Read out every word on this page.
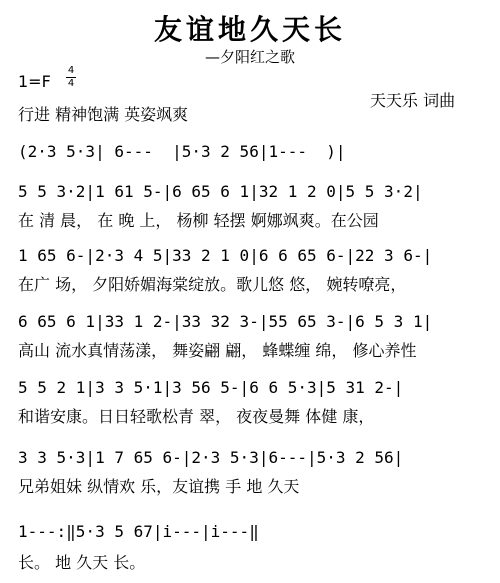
友谊地久天长
—夕阳红之歌
1=F
4
4
行进 精神饱满 英姿飒爽
天天乐 词曲
(2·3 5·3| 6---  |5·3 2 56|1---  )|
5 5 3·2|1 61 5-|6 65 6 1|32 1 2 0|5 5 3·2|
在 清 晨， 在 晚 上， 杨柳 轻摆 婀娜飒爽。在公园
1 65 6-|2·3 4 5|33 2 1 0|6 6 65 6-|22 3 6-|
在广 场， 夕阳娇媚海棠绽放。歌儿悠 悠， 婉转嘹亮，
6 65 6 1|33 1 2-|33 32 3-|55 65 3-|6 5 3 1|
高山 流水真情荡漾， 舞姿翩 翩， 蜂蝶缠 绵， 修心养性
5 5 2 1|3 3 5·1|3 56 5-|6 6 5·3|5 31 2-|
和谐安康。日日轻歌松青 翠， 夜夜曼舞 体健 康，
3 3 5·3|1 7 65 6-|2·3 5·3|6---|5·3 2 56|
兄弟姐妹 纵情欢 乐，友谊携 手 地 久天
1---:‖5·3 5 67|i---|i---‖
长。 地 久天 长。
